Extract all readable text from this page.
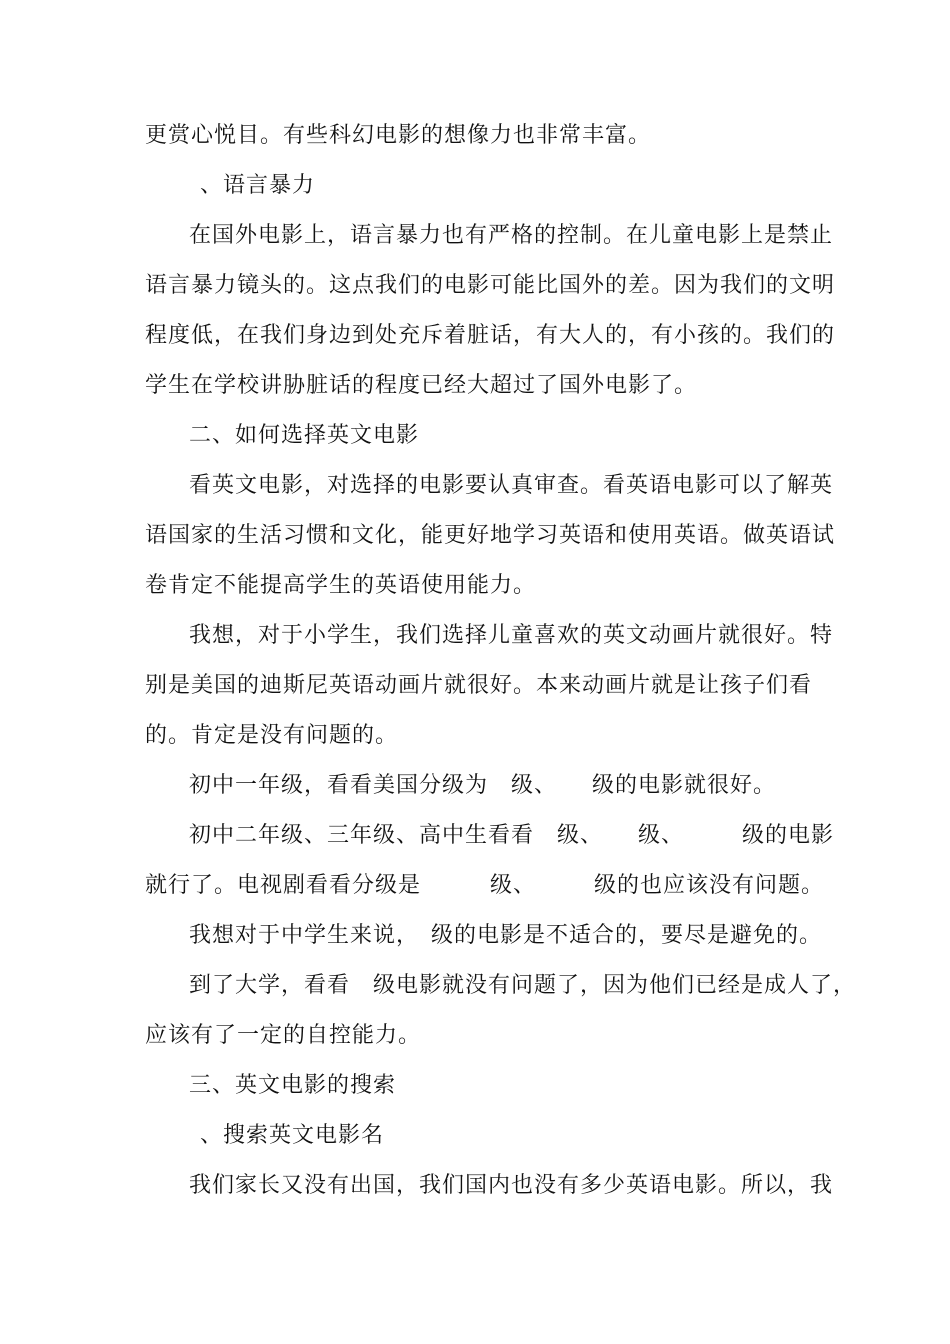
更赏心悦目。有些科幻电影的想像力也非常丰富。
、语言暴力
在国外电影上，语言暴力也有严格的控制。在儿童电影上是禁止
语言暴力镜头的。这点我们的电影可能比国外的差。因为我们的文明
程度低，在我们身边到处充斥着脏话，有大人的，有小孩的。我们的
学生在学校讲胁脏话的程度已经大超过了国外电影了。
二、如何选择英文电影
看英文电影，对选择的电影要认真审查。看英语电影可以了解英
语国家的生活习惯和文化，能更好地学习英语和使用英语。做英语试
卷肯定不能提高学生的英语使用能力。
我想，对于小学生，我们选择儿童喜欢的英文动画片就很好。特
别是美国的迪斯尼英语动画片就很好。本来动画片就是让孩子们看
的。肯定是没有问题的。
初中一年级，看看美国分级为　级、　　级的电影就很好。
初中二年级、三年级、高中生看看　级、　　级、　　　级的电影
就行了。电视剧看看分级是　　　级、　　　级的也应该没有问题。
我想对于中学生来说，　级的电影是不适合的，要尽是避免的。
到了大学，看看　级电影就没有问题了，因为他们已经是成人了，
应该有了一定的自控能力。
三、英文电影的搜索
、搜索英文电影名
我们家长又没有出国，我们国内也没有多少英语电影。所以，我
